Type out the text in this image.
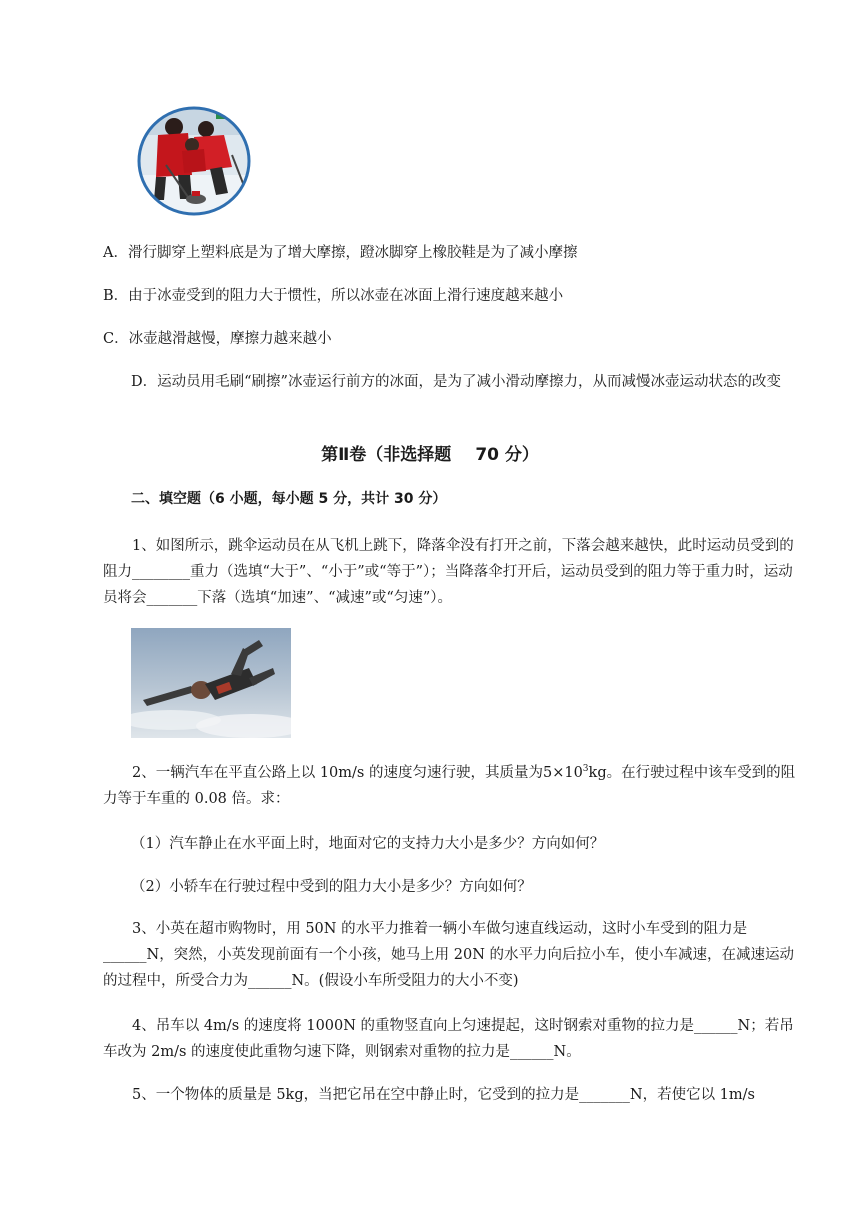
A．滑行脚穿上塑料底是为了增大摩擦，蹬冰脚穿上橡胶鞋是为了减小摩擦
B．由于冰壶受到的阻力大于惯性，所以冰壶在冰面上滑行速度越来越小
C．冰壶越滑越慢，摩擦力越来越小
D．运动员用毛刷“刷擦”冰壶运行前方的冰面，是为了减小滑动摩擦力，从而减慢冰壶运动状态的改变
第Ⅱ卷（非选择题 70 分）
二、填空题（6 小题，每小题 5 分，共计 30 分）
1、如图所示，跳伞运动员在从飞机上跳下，降落伞没有打开之前，下落会越来越快，此时运动员受到的阻力________重力（选填“大于”、“小于”或“等于”）；当降落伞打开后，运动员受到的阻力等于重力时，运动员将会_______下落（选填“加速”、“减速”或“匀速”）。
2、一辆汽车在平直公路上以 10m/s 的速度匀速行驶，其质量为$5\times 10^3kg$。在行驶过程中该车受到的阻力等于车重的 0.08 倍。求：
（1）汽车静止在水平面上时，地面对它的支持力大小是多少？方向如何？
（2）小轿车在行驶过程中受到的阻力大小是多少？方向如何？
3、小英在超市购物时，用 50N 的水平力推着一辆小车做匀速直线运动，这时小车受到的阻力是______N，突然，小英发现前面有一个小孩，她马上用 20N 的水平力向后拉小车，使小车减速，在减速运动的过程中，所受合力为______N。(假设小车所受阻力的大小不变)
4、吊车以 4m/s 的速度将 1000N 的重物竖直向上匀速提起，这时钢索对重物的拉力是______N；若吊车改为 2m/s 的速度使此重物匀速下降，则钢索对重物的拉力是______N。
5、一个物体的质量是 5kg，当把它吊在空中静止时，它受到的拉力是_______N，若使它以 1m/s
